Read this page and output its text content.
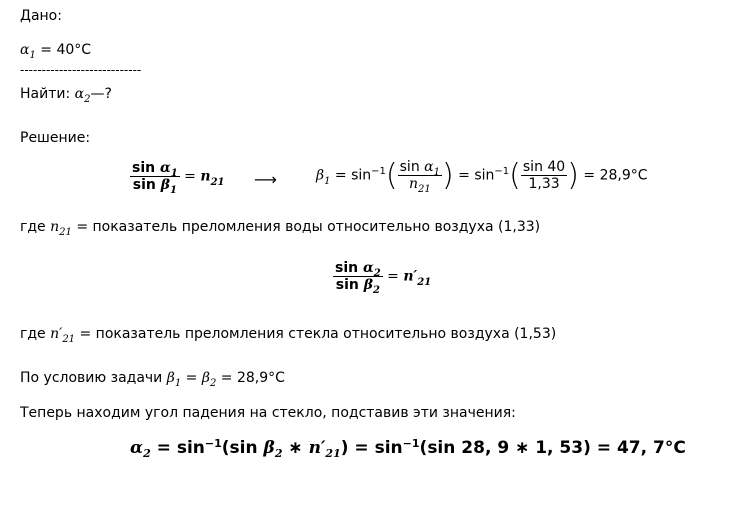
Дано:
$\alpha_1 = 40^\circ C$
----------------------------
Найти: $\alpha_2—$?
Решение:
$\frac{\sin \alpha_1}{\sin \beta_1} = n_{21}$ ⟶	$\beta_1 = \sin^{-1}( \frac{\sin \alpha_1}{n_{21}}$ ) = $\sin^{-1}( \frac{\sin 40}{1,33}$ ) = 28,9°C
где $n_{21}$ = показатель преломления воды относительно воздуха (1,33)
$\frac{\sin \alpha_2}{\sin \beta_2} = n'_{21}$
где $n'_{21}$ = показатель преломления стекла относительно воздуха (1,53)
По условию задачи $\beta_1 = \beta_2 = 28,9^\circ C$
Теперь находим угол падения на стекло, подставив эти значения:
$\alpha_2 = \sin^{-1}(\sin$ $\beta_2$ ∗ $n'_{21}) = \sin^{-1}(\sin$ 28, 9 ∗ 1, 53) = 47, 7°C
